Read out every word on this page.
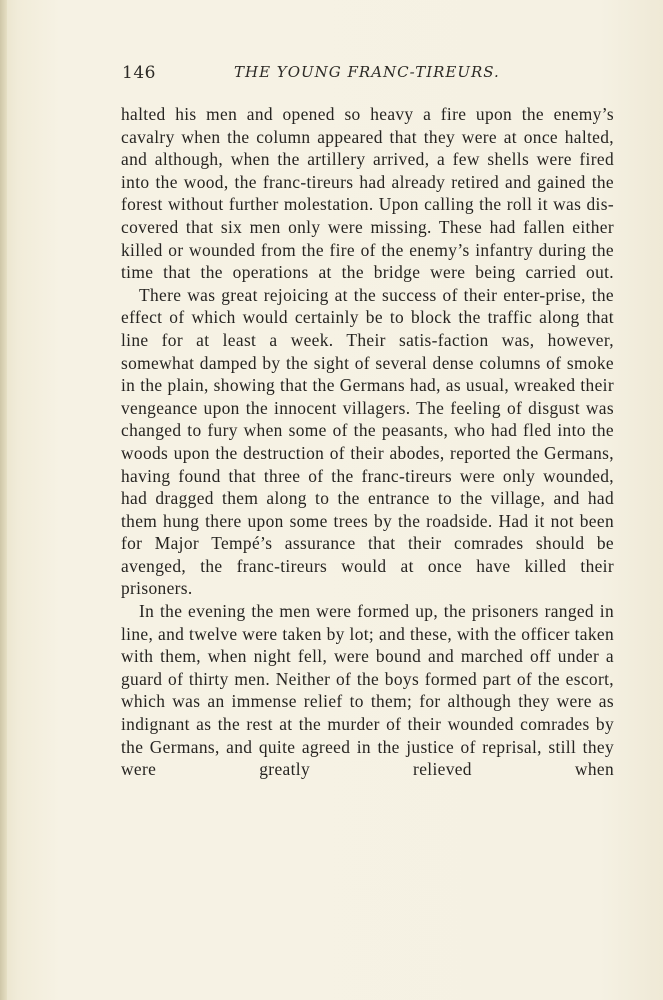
146	THE YOUNG FRANC-TIREURS.

halted his men and opened so heavy a fire upon the enemy’s cavalry when the column appeared that they were at once halted, and although, when the artillery arrived, a few shells were fired into the wood, the franc-tireurs had already retired and gained the forest without further molestation. Upon calling the roll it was dis-covered that six men only were missing. These had fallen either killed or wounded from the fire of the enemy’s infantry during the time that the operations at the bridge were being carried out.

There was great rejoicing at the success of their enter-prise, the effect of which would certainly be to block the traffic along that line for at least a week. Their satis-faction was, however, somewhat damped by the sight of several dense columns of smoke in the plain, showing that the Germans had, as usual, wreaked their vengeance upon the innocent villagers. The feeling of disgust was changed to fury when some of the peasants, who had fled into the woods upon the destruction of their abodes, reported the Germans, having found that three of the franc-tireurs were only wounded, had dragged them along to the entrance to the village, and had them hung there upon some trees by the roadside. Had it not been for Major Tempé’s assurance that their comrades should be avenged, the franc-tireurs would at once have killed their prisoners.

In the evening the men were formed up, the prisoners ranged in line, and twelve were taken by lot; and these, with the officer taken with them, when night fell, were bound and marched off under a guard of thirty men. Neither of the boys formed part of the escort, which was an immense relief to them; for although they were as indignant as the rest at the murder of their wounded comrades by the Germans, and quite agreed in the justice of reprisal, still they were greatly relieved when
